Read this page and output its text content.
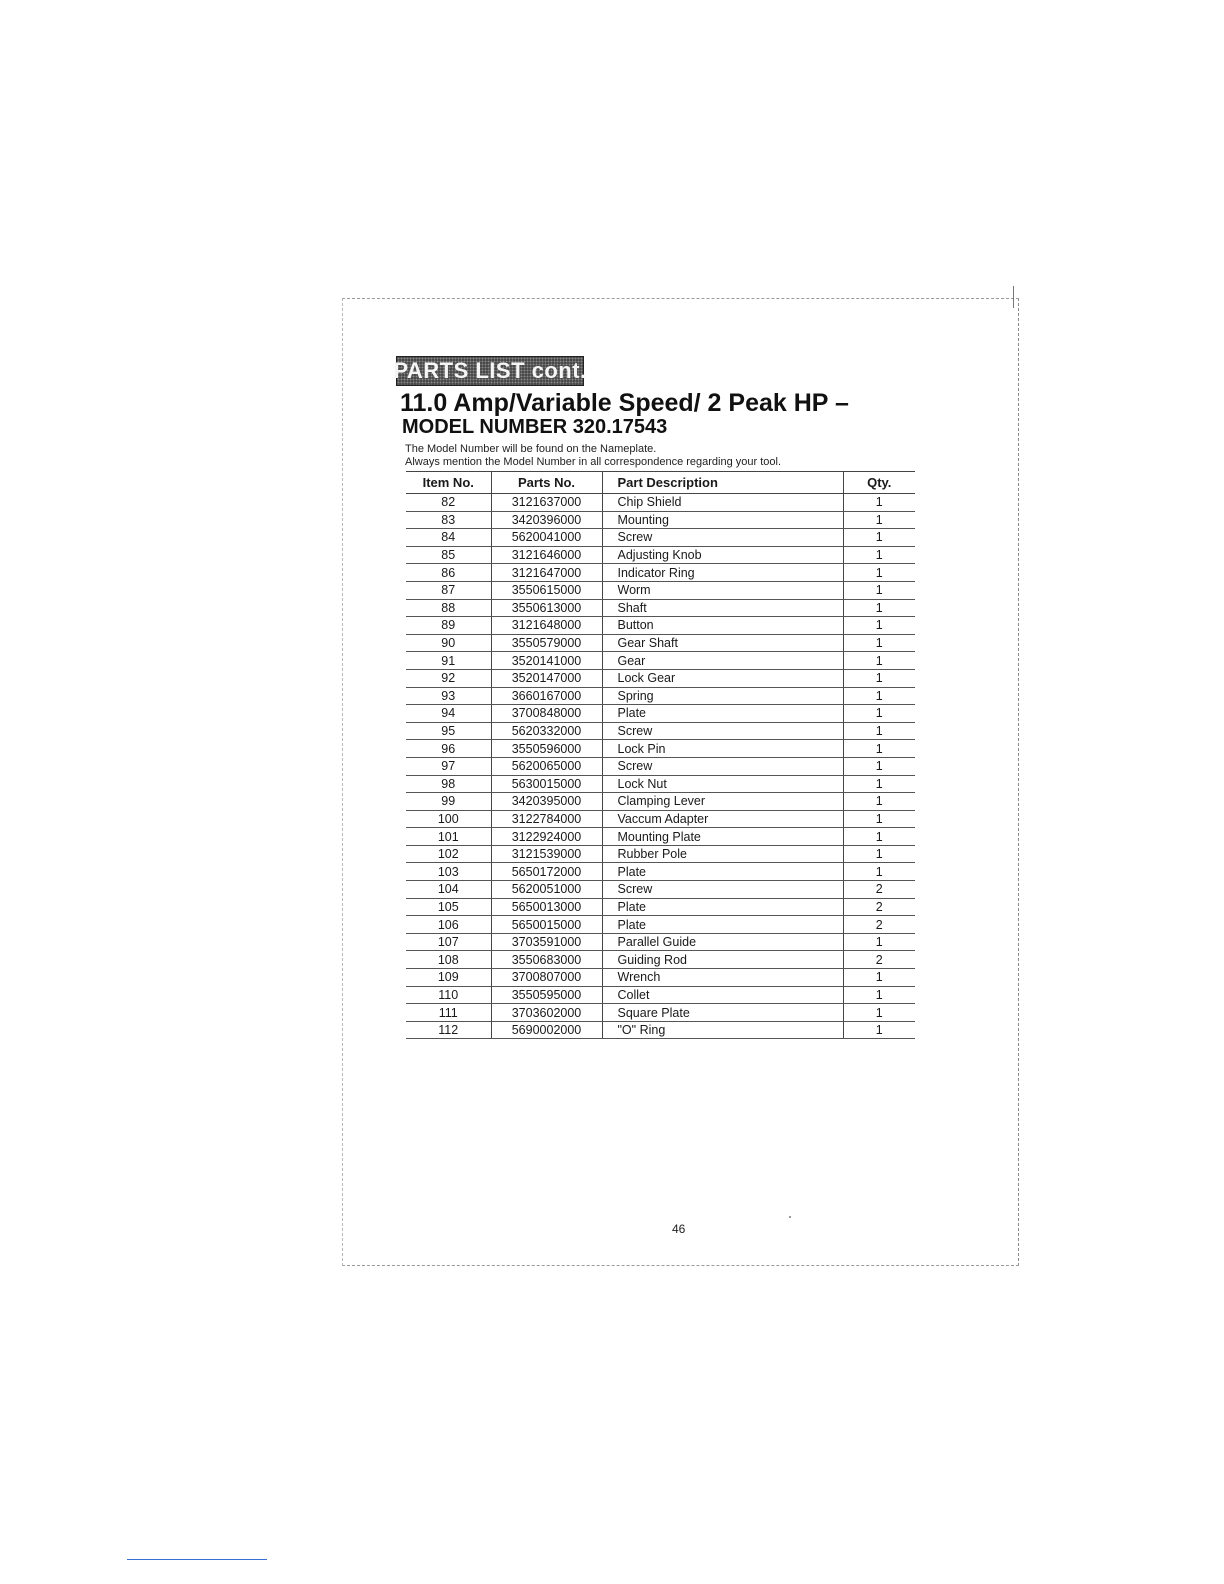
PARTS LIST cont.
11.0 Amp/Variable Speed/ 2 Peak HP –
MODEL NUMBER 320.17543
The Model Number will be found on the Nameplate.
Always mention the Model Number in all correspondence regarding your tool.
Item No.	Parts No.	Part Description	Qty.
82	3121637000	Chip Shield	1
83	3420396000	Mounting	1
84	5620041000	Screw	1
85	3121646000	Adjusting Knob	1
86	3121647000	Indicator Ring	1
87	3550615000	Worm	1
88	3550613000	Shaft	1
89	3121648000	Button	1
90	3550579000	Gear Shaft	1
91	3520141000	Gear	1
92	3520147000	Lock Gear	1
93	3660167000	Spring	1
94	3700848000	Plate	1
95	5620332000	Screw	1
96	3550596000	Lock Pin	1
97	5620065000	Screw	1
98	5630015000	Lock Nut	1
99	3420395000	Clamping Lever	1
100	3122784000	Vaccum Adapter	1
101	3122924000	Mounting Plate	1
102	3121539000	Rubber Pole	1
103	5650172000	Plate	1
104	5620051000	Screw	2
105	5650013000	Plate	2
106	5650015000	Plate	2
107	3703591000	Parallel Guide	1
108	3550683000	Guiding Rod	2
109	3700807000	Wrench	1
110	3550595000	Collet	1
111	3703602000	Square Plate	1
112	5690002000	"O" Ring	1
46
